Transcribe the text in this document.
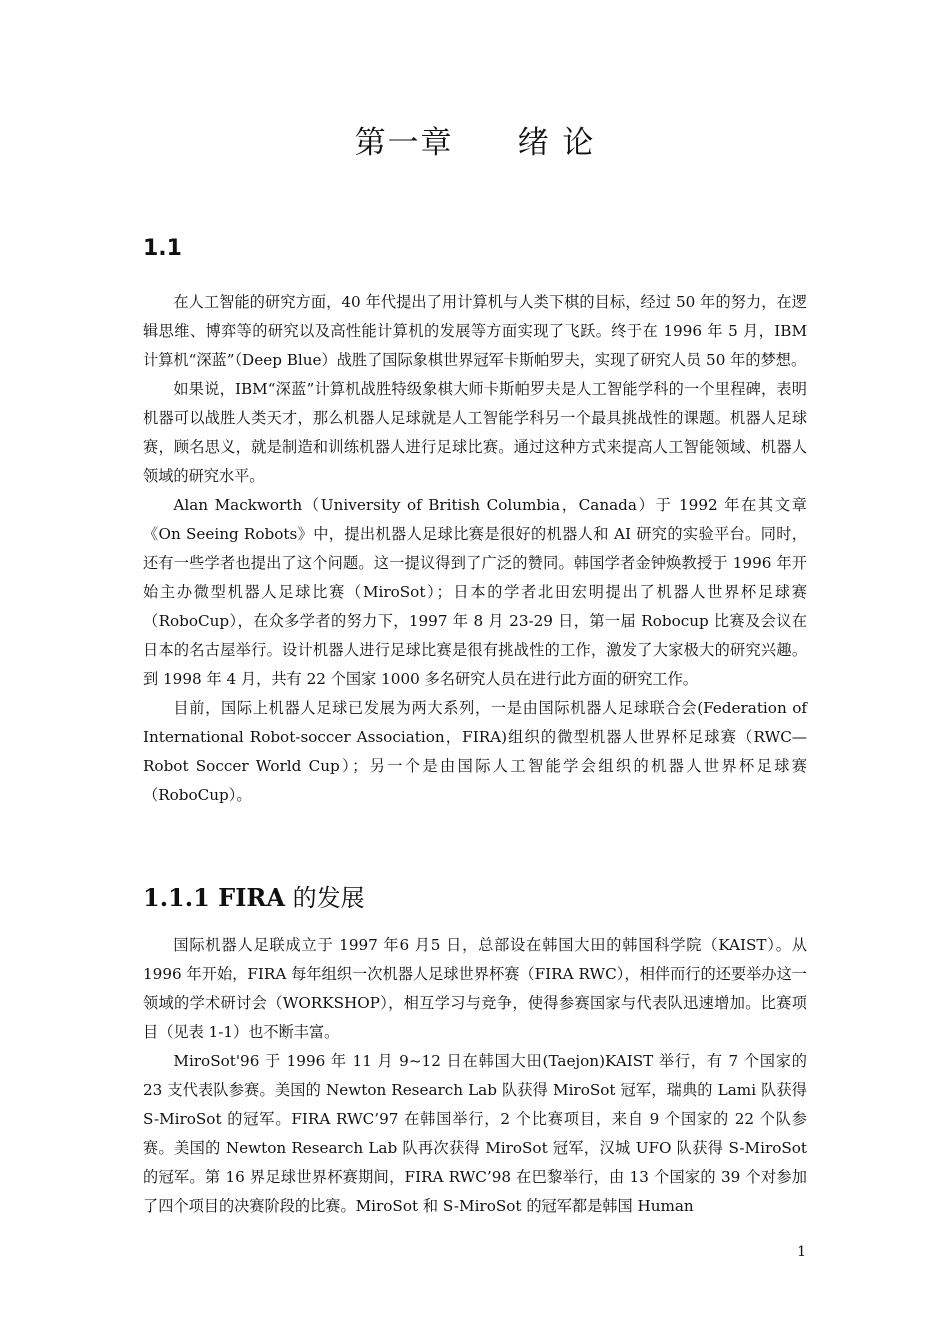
第一章 绪 论
1.1

在人工智能的研究方面，40 年代提出了用计算机与人类下棋的目标，经过 50 年的努力，在逻辑思维、博弈等的研究以及高性能计算机的发展等方面实现了飞跃。终于在 1996 年 5 月，IBM 计算机“深蓝”（Deep Blue）战胜了国际象棋世界冠军卡斯帕罗夫，实现了研究人员 50 年的梦想。

如果说，IBM“深蓝”计算机战胜特级象棋大师卡斯帕罗夫是人工智能学科的一个里程碑，表明机器可以战胜人类天才，那么机器人足球就是人工智能学科另一个最具挑战性的课题。机器人足球赛，顾名思义，就是制造和训练机器人进行足球比赛。通过这种方式来提高人工智能领域、机器人领域的研究水平。

Alan Mackworth（University of British Columbia，Canada）于 1992 年在其文章《On Seeing Robots》中，提出机器人足球比赛是很好的机器人和 AI 研究的实验平台。同时，还有一些学者也提出了这个问题。这一提议得到了广泛的赞同。韩国学者金钟焕教授于 1996 年开始主办微型机器人足球比赛（MiroSot）；日本的学者北田宏明提出了机器人世界杯足球赛（RoboCup），在众多学者的努力下，1997 年 8 月 23-29 日，第一届 Robocup 比赛及会议在日本的名古屋举行。设计机器人进行足球比赛是很有挑战性的工作，激发了大家极大的研究兴趣。到 1998 年 4 月，共有 22 个国家 1000 多名研究人员在进行此方面的研究工作。

目前，国际上机器人足球已发展为两大系列，一是由国际机器人足球联合会(Federation of International Robot-soccer Association，FIRA)组织的微型机器人世界杯足球赛（RWC—Robot Soccer World Cup）；另一个是由国际人工智能学会组织的机器人世界杯足球赛（RoboCup）。

1.1.1 FIRA 的发展

国际机器人足联成立于 1997 年6 月5 日，总部设在韩国大田的韩国科学院（KAIST）。从 1996 年开始，FIRA 每年组织一次机器人足球世界杯赛（FIRA RWC），相伴而行的还要举办这一领域的学术研讨会（WORKSHOP），相互学习与竞争，使得参赛国家与代表队迅速增加。比赛项目（见表 1-1）也不断丰富。

MiroSot'96 于 1996 年 11 月 9~12 日在韩国大田(Taejon)KAIST 举行，有 7 个国家的 23 支代表队参赛。美国的 Newton Research Lab 队获得 MiroSot 冠军，瑞典的 Lami 队获得 S-MiroSot 的冠军。FIRA RWC’97 在韩国举行，2 个比赛项目，来自 9 个国家的 22 个队参赛。美国的 Newton Research Lab 队再次获得 MiroSot 冠军，汉城 UFO 队获得 S-MiroSot 的冠军。第 16 界足球世界杯赛期间，FIRA RWC’98 在巴黎举行，由 13 个国家的 39 个对参加了四个项目的决赛阶段的比赛。MiroSot 和 S-MiroSot 的冠军都是韩国 Human

1
